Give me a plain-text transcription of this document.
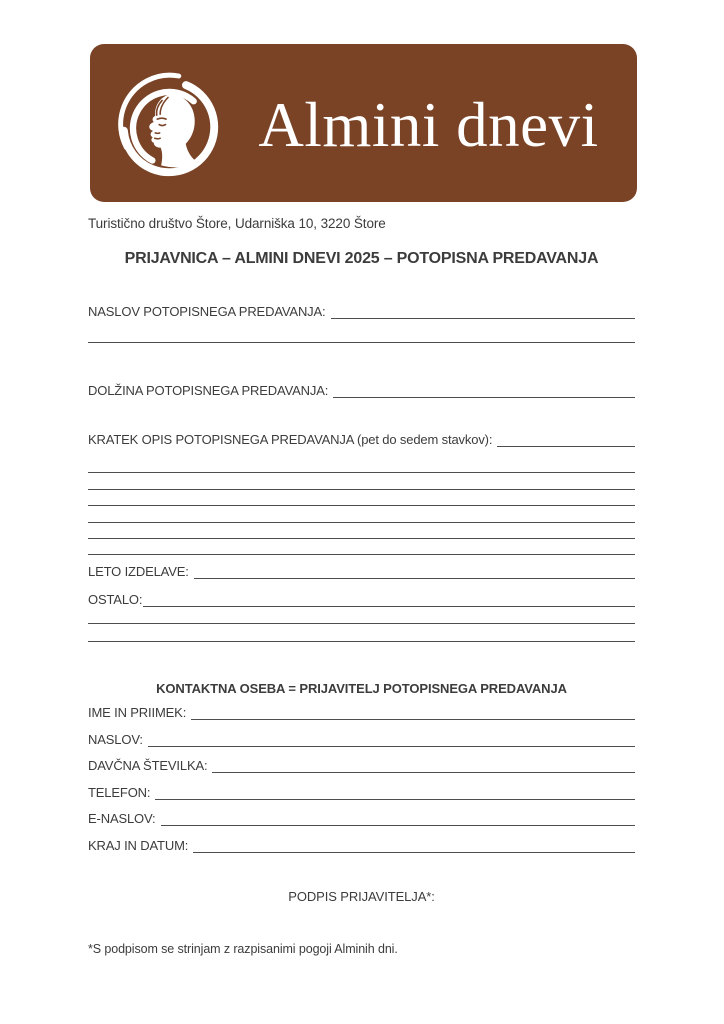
Almini dnevi
Turistično društvo Štore, Udarniška 10, 3220 Štore
PRIJAVNICA – ALMINI DNEVI 2025 – POTOPISNA PREDAVANJA
NASLOV POTOPISNEGA PREDAVANJA:
DOLŽINA POTOPISNEGA PREDAVANJA:
KRATEK OPIS POTOPISNEGA PREDAVANJA (pet do sedem stavkov):
LETO IZDELAVE:
OSTALO:
KONTAKTNA OSEBA = PRIJAVITELJ POTOPISNEGA PREDAVANJA
IME IN PRIIMEK:
NASLOV:
DAVČNA ŠTEVILKA:
TELEFON:
E-NASLOV:
KRAJ IN DATUM:
PODPIS PRIJAVITELJA*:
*S podpisom se strinjam z razpisanimi pogoji Alminih dni.
